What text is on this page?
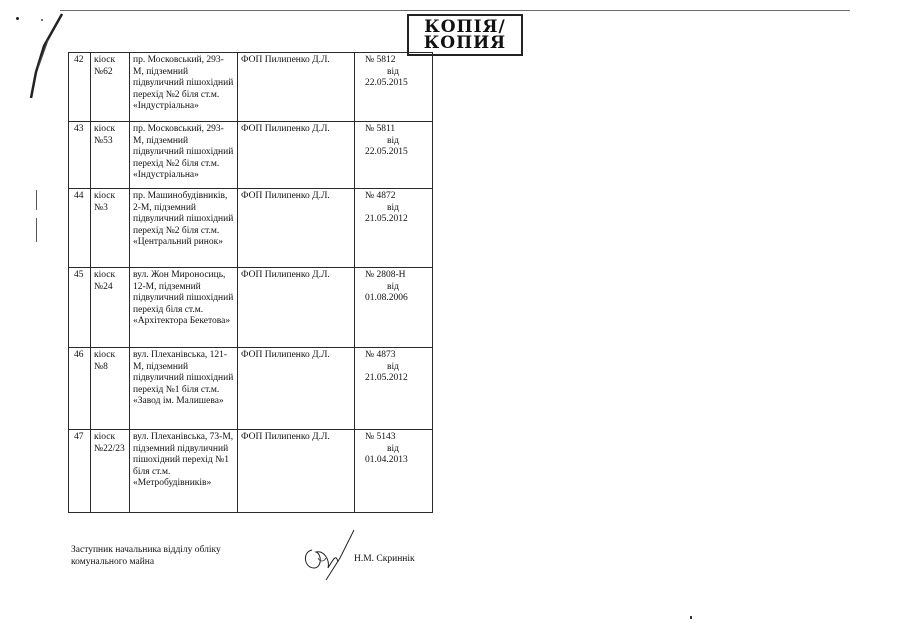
КОПІЯ/
КОПИЯ
42	кіоск №62	пр. Московський, 293-М, підземний підвуличний пішохідний перехід №2 біля ст.м. «Індустріальна»	ФОП Пилипенко Д.Л.	№ 5812
від
22.05.2015

43	кіоск №53	пр. Московський, 293-М, підземний підвуличний пішохідний перехід №2 біля ст.м. «Індустріальна»	ФОП Пилипенко Д.Л.	№ 5811
від
22.05.2015

44	кіоск №3	пр. Машинобудівників, 2-М, підземний підвуличний пішохідний перехід №2 біля ст.м. «Центральний ринок»	ФОП Пилипенко Д.Л.	№ 4872
від
21.05.2012

45	кіоск №24	вул. Жон Мироносиць, 12-М, підземний підвуличний пішохідний перехід біля ст.м. «Архітектора Бекетова»	ФОП Пилипенко Д.Л.	№ 2808-Н
від
01.08.2006

46	кіоск №8	вул. Плеханівська, 121-М, підземний підвуличний пішохідний перехід №1 біля ст.м. «Завод ім. Малишева»	ФОП Пилипенко Д.Л.	№ 4873
від
21.05.2012

47	кіоск №22/23	вул. Плеханівська, 73-М, підземний підвуличний пішохідний перехід №1 біля ст.м. «Метробудівників»	ФОП Пилипенко Д.Л.	№ 5143
від
01.04.2013
Заступник начальника відділу обліку
комунального майна	Н.М. Скриннік
